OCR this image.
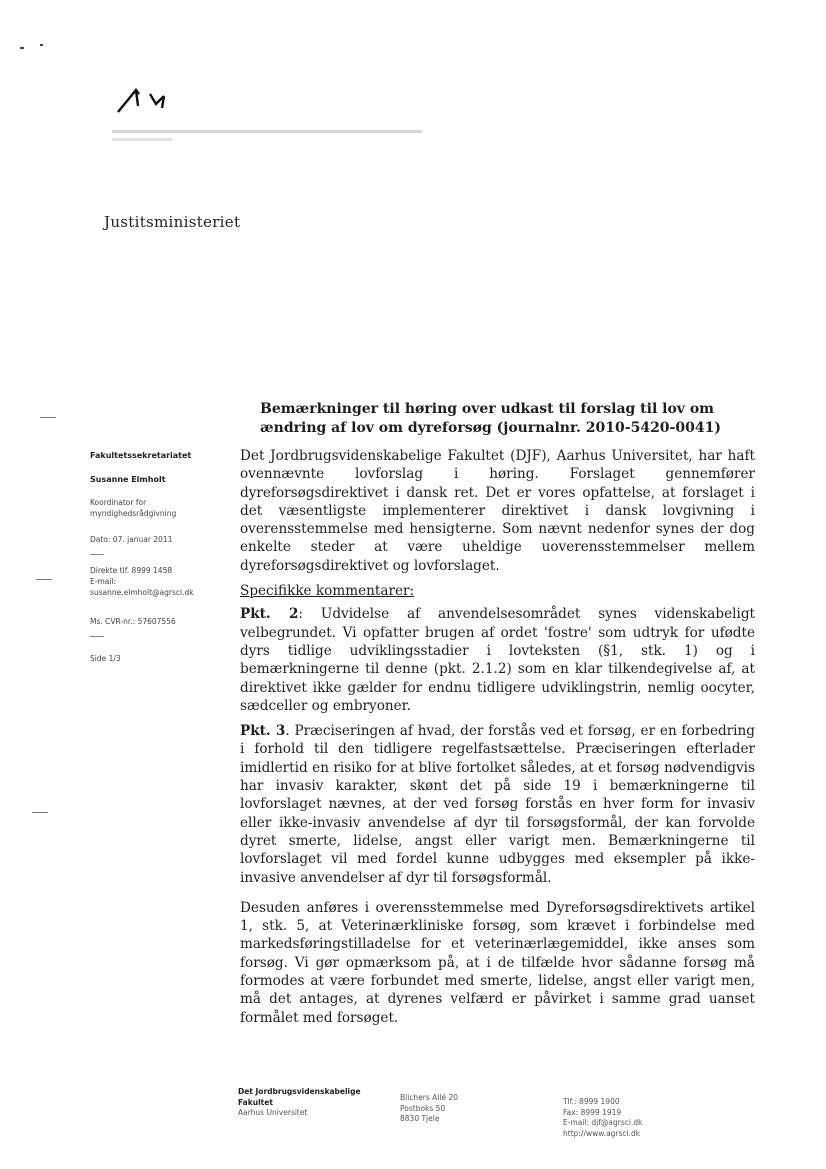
Justitsministeriet
Fakultetssekretariatet
Susanne Elmholt
Koordinator for
myndighedsrådgivning
Dato: 07. januar 2011
Direkte tlf. 8999 1458
E-mail:
susanne.elmholt@agrsci.dk
Ms. CVR-nr.: 57607556
Side 1/3
Bemærkninger til høring over udkast til forslag til lov om ændring af lov om dyreforsøg (journalnr. 2010-5420-0041)

Det Jordbrugsvidenskabelige Fakultet (DJF), Aarhus Universitet, har haft ovennævnte lovforslag i høring. Forslaget gennemfører dyreforsøgsdirektivet i dansk ret. Det er vores opfattelse, at forslaget i det væsentligste implementerer direktivet i dansk lovgivning i overensstemmelse med hensigterne. Som nævnt nedenfor synes der dog enkelte steder at være uheldige uoverensstemmelser mellem dyreforsøgsdirektivet og lovforslaget.

Specifikke kommentarer:

Pkt. 2: Udvidelse af anvendelsesområdet synes videnskabeligt velbegrundet. Vi opfatter brugen af ordet 'fostre' som udtryk for ufødte dyrs tidlige udviklingsstadier i lovteksten (§1, stk. 1) og i bemærkningerne til denne (pkt. 2.1.2) som en klar tilkendegivelse af, at direktivet ikke gælder for endnu tidligere udviklingstrin, nemlig oocyter, sædceller og embryoner.

Pkt. 3. Præciseringen af hvad, der forstås ved et forsøg, er en forbedring i forhold til den tidligere regelfastsættelse. Præciseringen efterlader imidlertid en risiko for at blive fortolket således, at et forsøg nødvendigvis har invasiv karakter, skønt det på side 19 i bemærkningerne til lovforslaget nævnes, at der ved forsøg forstås en hver form for invasiv eller ikke-invasiv anvendelse af dyr til forsøgsformål, der kan forvolde dyret smerte, lidelse, angst eller varigt men. Bemærkningerne til lovforslaget vil med fordel kunne udbygges med eksempler på ikke-invasive anvendelser af dyr til forsøgsformål.

Desuden anføres i overensstemmelse med Dyreforsøgsdirektivets artikel 1, stk. 5, at Veterinærkliniske forsøg, som krævet i forbindelse med markedsføringstilladelse for et veterinærlægemiddel, ikke anses som forsøg. Vi gør opmærksom på, at i de tilfælde hvor sådanne forsøg må formodes at være forbundet med smerte, lidelse, angst eller varigt men, må det antages, at dyrenes velfærd er påvirket i samme grad uanset formålet med forsøget.

Det Jordbrugsvidenskabelige
Fakultet
Aarhus Universitet
Blichers Allé 20
Postboks 50
8830 Tjele
Tlf.: 8999 1900
Fax: 8999 1919
E-mail: djf@agrsci.dk
http://www.agrsci.dk
